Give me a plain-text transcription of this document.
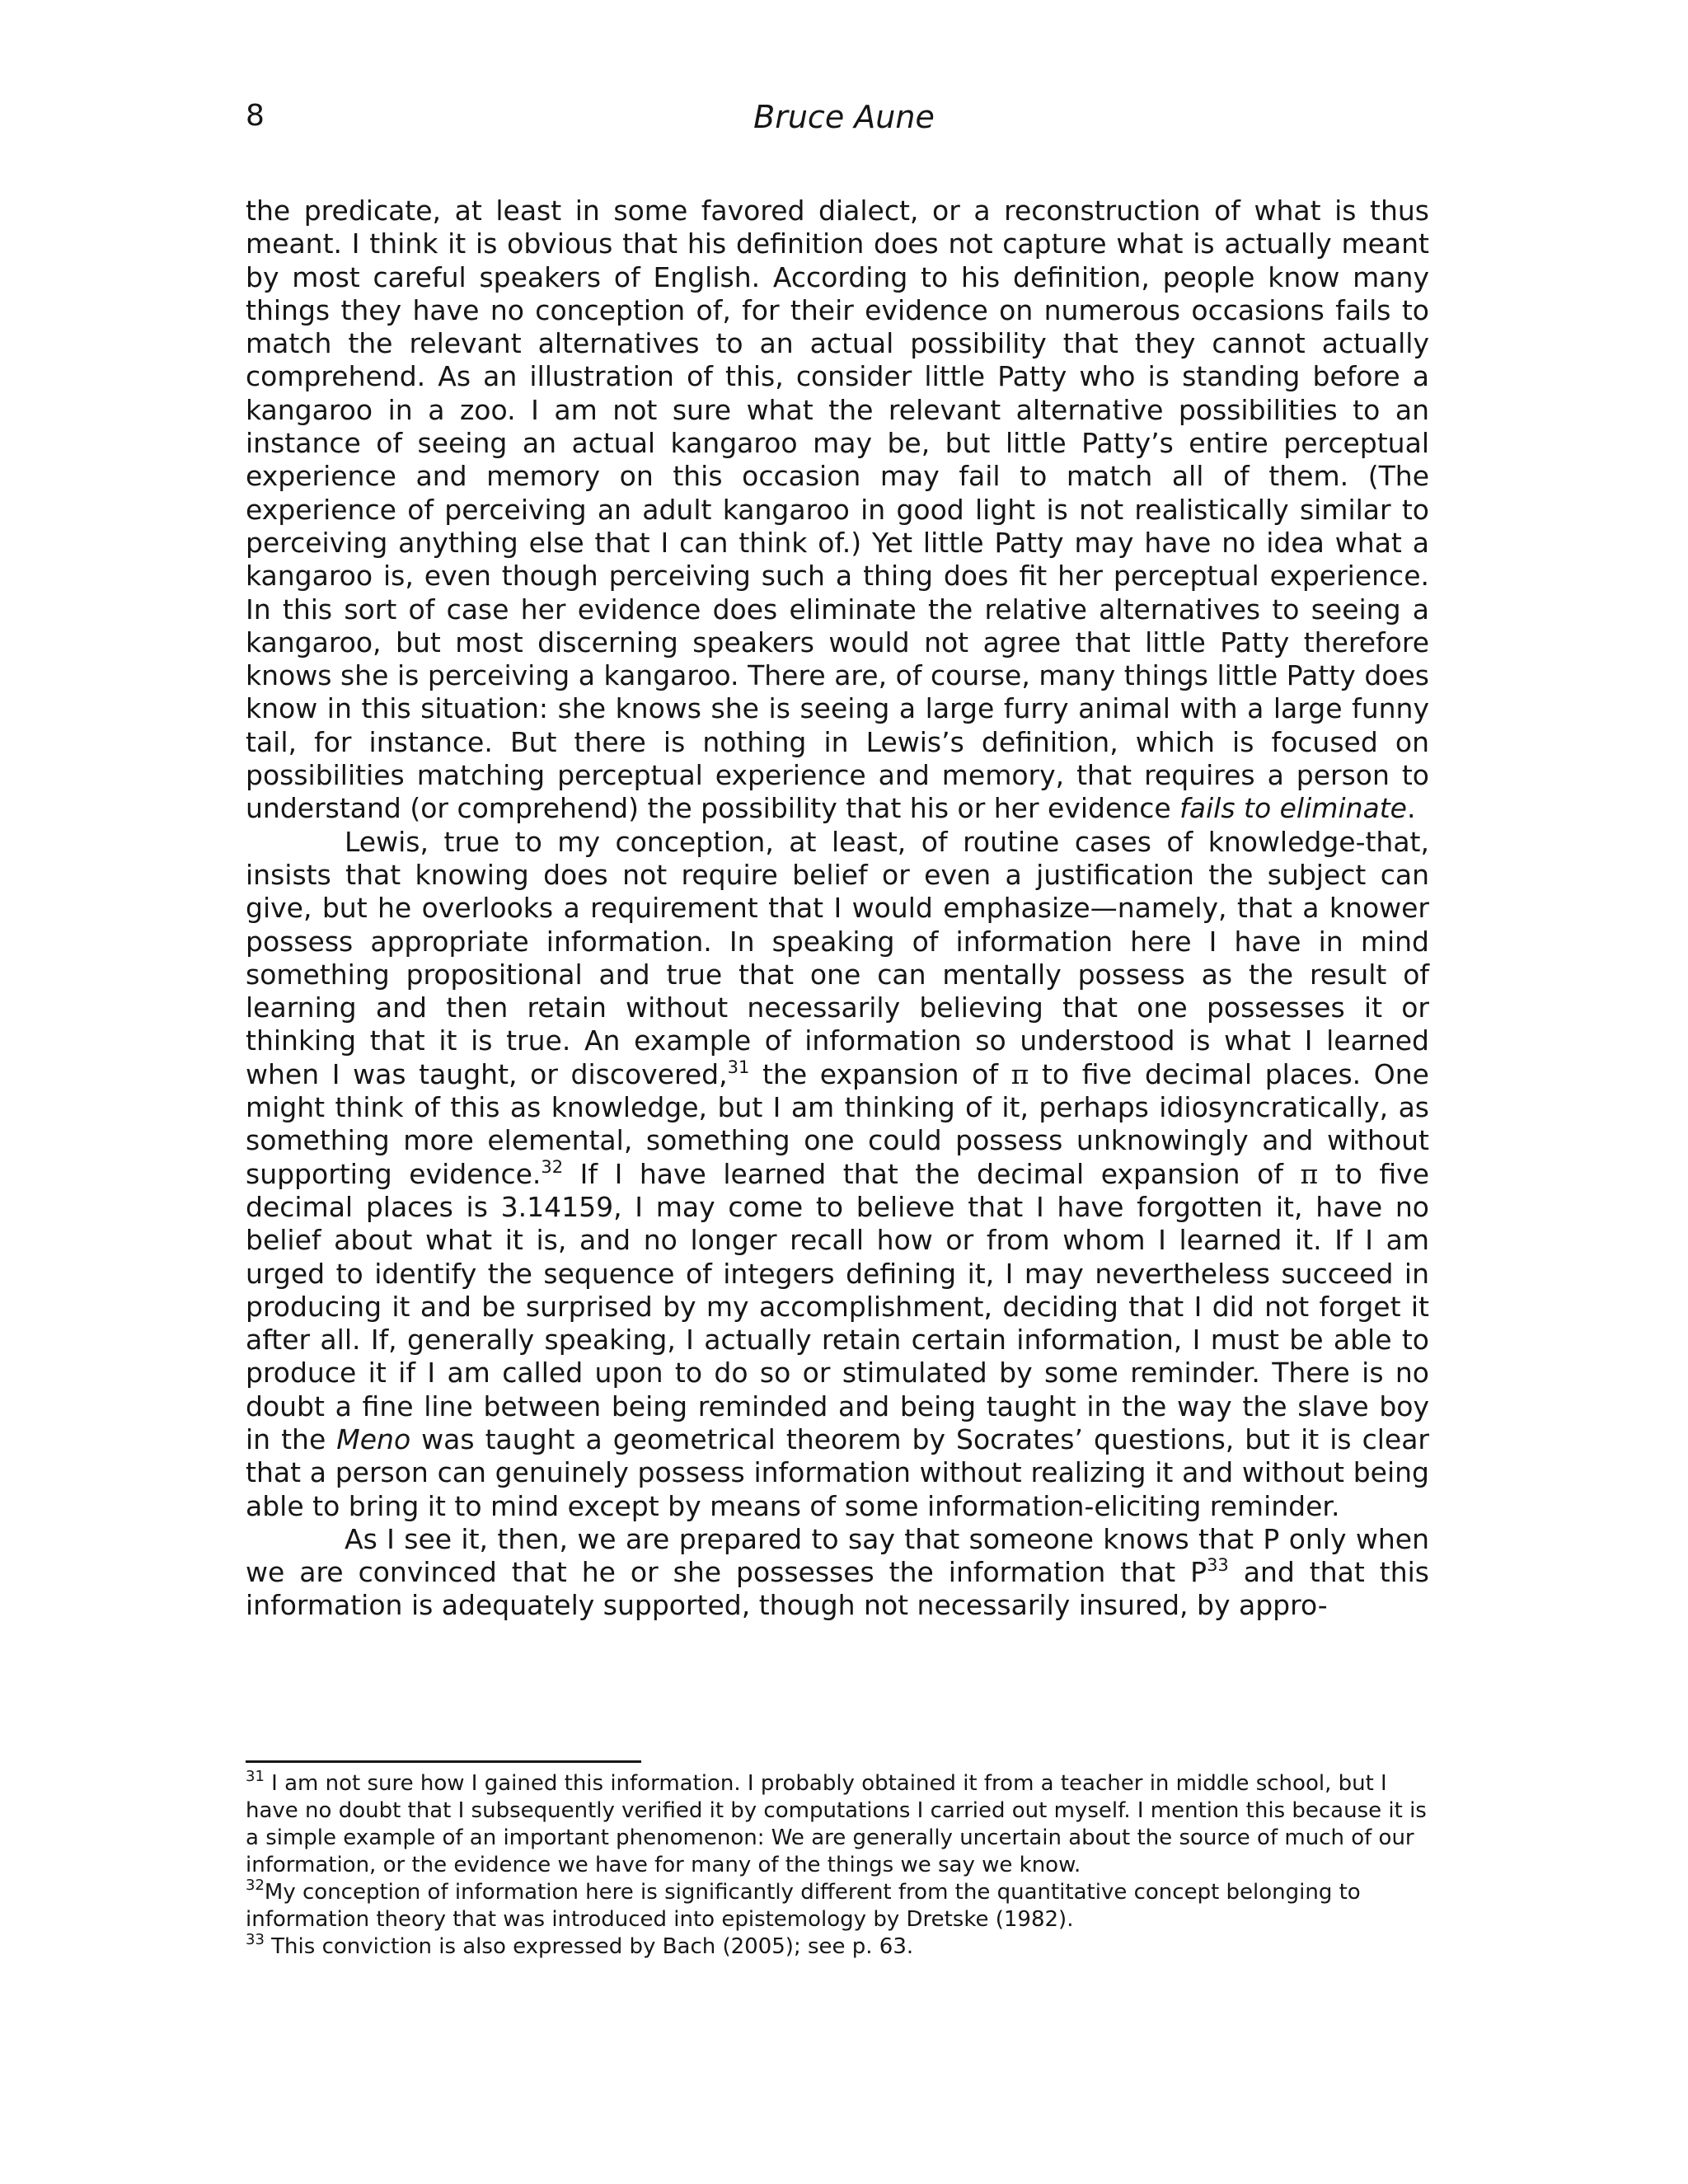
8	Bruce Aune

the predicate, at least in some favored dialect, or a reconstruction of what is thus meant. I think it is obvious that his definition does not capture what is actually meant by most careful speakers of English. According to his definition, people know many things they have no conception of, for their evidence on numerous occasions fails to match the relevant alternatives to an actual possibility that they cannot actually comprehend. As an illustration of this, consider little Patty who is standing before a kangaroo in a zoo. I am not sure what the relevant alternative possibilities to an instance of seeing an actual kangaroo may be, but little Patty’s entire perceptual experience and memory on this occasion may fail to match all of them. (The experience of perceiving an adult kangaroo in good light is not realistically similar to perceiving anything else that I can think of.) Yet little Patty may have no idea what a kangaroo is, even though perceiving such a thing does fit her perceptual experience. In this sort of case her evidence does eliminate the relative alternatives to seeing a kangaroo, but most discerning speakers would not agree that little Patty therefore knows she is perceiving a kangaroo. There are, of course, many things little Patty does know in this situation: she knows she is seeing a large furry animal with a large funny tail, for instance. But there is nothing in Lewis’s definition, which is focused on possibilities matching perceptual experience and memory, that requires a person to understand (or comprehend) the possibility that his or her evidence fails to eliminate.

Lewis, true to my conception, at least, of routine cases of knowledge-that, insists that knowing does not require belief or even a justification the subject can give, but he overlooks a requirement that I would emphasize—namely, that a knower possess appropriate information. In speaking of information here I have in mind something propositional and true that one can mentally possess as the result of learning and then retain without necessarily believing that one possesses it or thinking that it is true. An example of information so understood is what I learned when I was taught, or discovered,$^{31}$ the expansion of π to five decimal places. One might think of this as knowledge, but I am thinking of it, perhaps idiosyncratically, as something more elemental, something one could possess unknowingly and without supporting evidence.$^{32}$ If I have learned that the decimal expansion of π to five decimal places is 3.14159, I may come to believe that I have forgotten it, have no belief about what it is, and no longer recall how or from whom I learned it. If I am urged to identify the sequence of integers defining it, I may nevertheless succeed in producing it and be surprised by my accomplishment, deciding that I did not forget it after all. If, generally speaking, I actually retain certain information, I must be able to produce it if I am called upon to do so or stimulated by some reminder. There is no doubt a fine line between being reminded and being taught in the way the slave boy in the Meno was taught a geometrical theorem by Socrates’ questions, but it is clear that a person can genuinely possess information without realizing it and without being able to bring it to mind except by means of some information-eliciting reminder.

As I see it, then, we are prepared to say that someone knows that P only when we are convinced that he or she possesses the information that $P^{33}$ and that this information is adequately supported, though not necessarily insured, by appro-

$^{31}$ I am not sure how I gained this information. I probably obtained it from a teacher in middle school, but I have no doubt that I subsequently verified it by computations I carried out myself. I mention this because it is a simple example of an important phenomenon: We are generally uncertain about the source of much of our information, or the evidence we have for many of the things we say we know.

$^{32}$My conception of information here is significantly different from the quantitative concept belonging to information theory that was introduced into epistemology by Dretske (1982).

$^{33}$ This conviction is also expressed by Bach (2005); see p. 63.
